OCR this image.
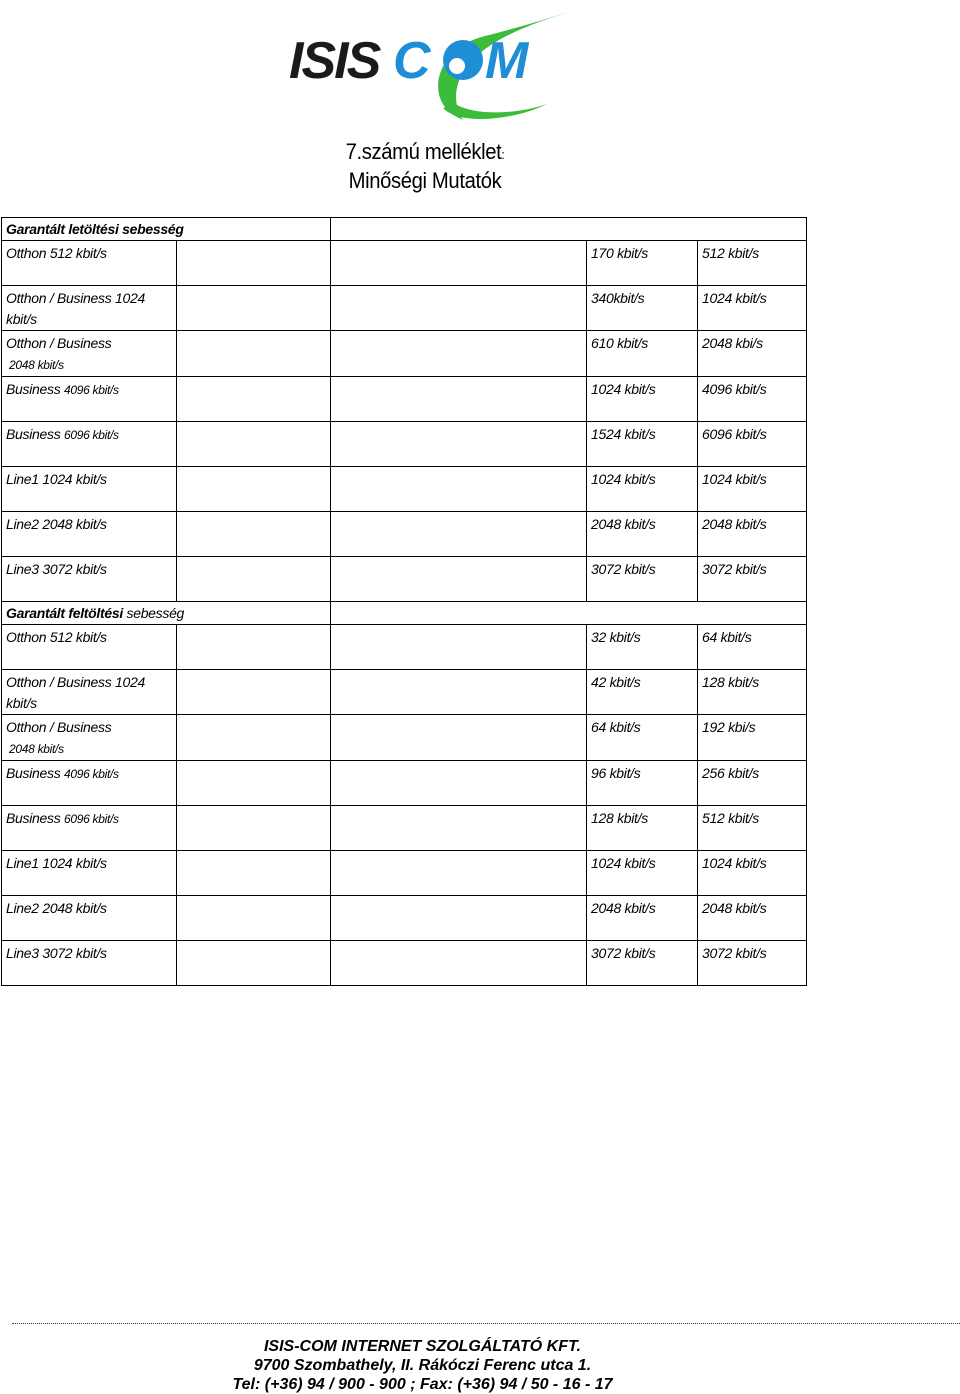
ISIS C M
7.számú melléklet:
Minőségi Mutatók
Garantált letöltési sebesség				
Otthon 512 kbit/s			170 kbit/s	512 kbit/s
Otthon / Business 1024 kbit/s			340kbit/s	1024 kbit/s
Otthon / Business
2048 kbit/s			610 kbit/s	2048 kbi/s
Business 4096 kbit/s			1024 kbit/s	4096 kbit/s
Business 6096 kbit/s			1524 kbit/s	6096 kbit/s
Line1 1024 kbit/s			1024 kbit/s	1024 kbit/s
Line2 2048 kbit/s			2048 kbit/s	2048 kbit/s
Line3 3072 kbit/s			3072 kbit/s	3072 kbit/s
Garantált feltöltési sebesség				
Otthon 512 kbit/s			32 kbit/s	64 kbit/s
Otthon / Business 1024 kbit/s			42 kbit/s	128 kbit/s
Otthon / Business
2048 kbit/s			64 kbit/s	192 kbi/s
Business 4096 kbit/s			96 kbit/s	256 kbit/s
Business 6096 kbit/s			128 kbit/s	512 kbit/s
Line1 1024 kbit/s			1024 kbit/s	1024 kbit/s
Line2 2048 kbit/s			2048 kbit/s	2048 kbit/s
Line3 3072 kbit/s			3072 kbit/s	3072 kbit/s
ISIS-COM INTERNET SZOLGÁLTATÓ KFT.
9700 Szombathely, II. Rákóczi Ferenc utca 1.
Tel: (+36) 94 / 900 - 900 ; Fax: (+36) 94 / 50 - 16 - 17
